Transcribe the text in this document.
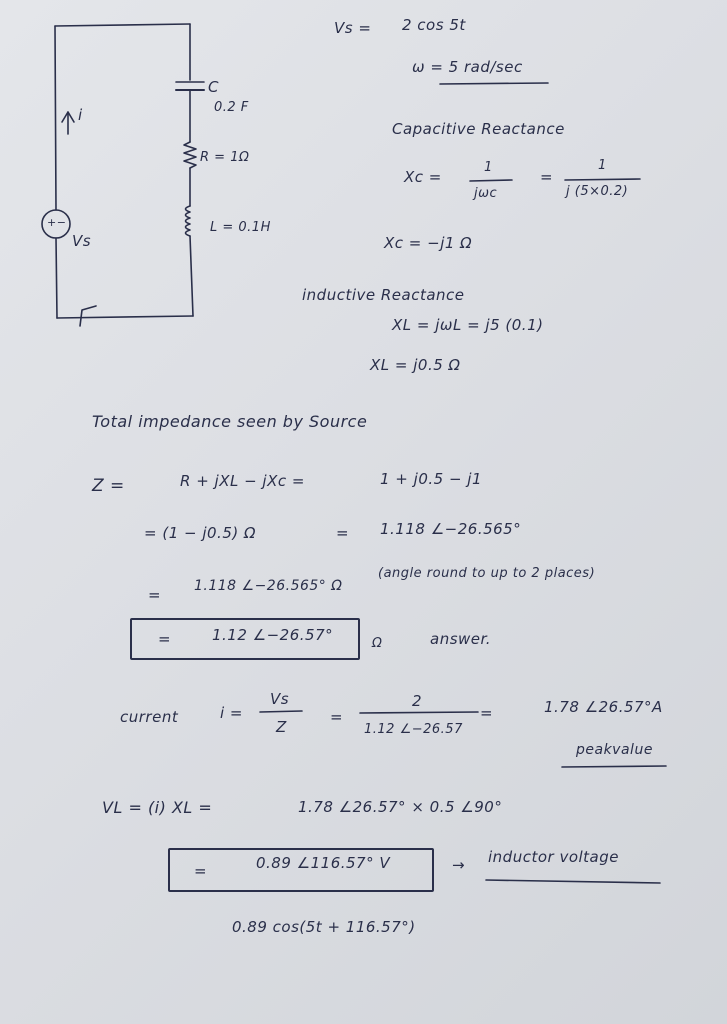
Vs = 2 cos 5t
ω = 5 rad/sec
C
0.2 F
R = 1Ω
L = 0.1H
i
+−
Vs
Capacitive Reactance
Xc =
1
jωc
=
1
j (5×0.2)
Xc = −j1 Ω
inductive Reactance
XL = jωL = j5 (0.1)
XL = j0.5 Ω
Total impedance seen by Source
Z =	R + jXL − jXc =	1 + j0.5 − j1
= (1 − j0.5) Ω	= 1.118 ∠−26.565°
= 1.118 ∠−26.565° Ω
(angle round to up to 2 places)
=	1.12 ∠−26.57°	Ω	answer.
current	i =
Vs
Z
=
2
1.12 ∠−26.57
=	1.78 ∠26.57°A
peakvalue
VL = (i) XL =	1.78 ∠26.57° × 0.5 ∠90°
=	0.89 ∠116.57° V	→ inductor voltage
0.89 cos(5t + 116.57°)
